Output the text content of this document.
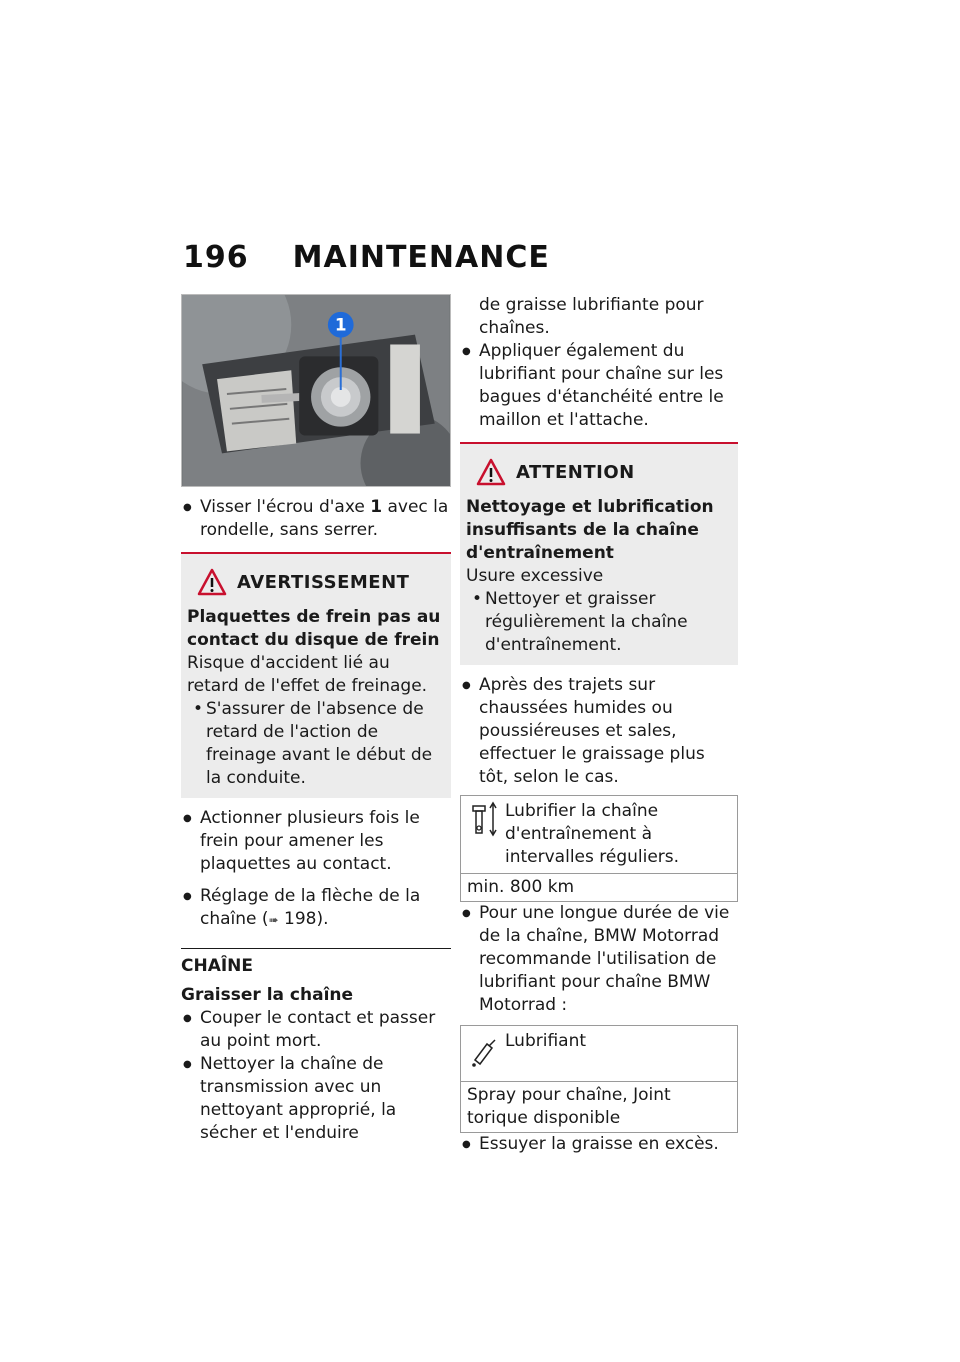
196 MAINTENANCE
1
● Visser l'écrou d'axe 1 avec la rondelle, sans serrer.
AVERTISSEMENT
Plaquettes de frein pas au contact du disque de frein
Risque d'accident lié au retard de l'effet de freinage.
• S'assurer de l'absence de retard de l'action de freinage avant le début de la conduite.
● Actionner plusieurs fois le frein pour amener les plaquettes au contact.
● Réglage de la flèche de la chaîne (➠ 198).
CHAÎNE
Graisser la chaîne
● Couper le contact et passer au point mort.
● Nettoyer la chaîne de transmission avec un nettoyant approprié, la sécher et l'enduire
de graisse lubrifiante pour chaînes.
● Appliquer également du lubrifiant pour chaîne sur les bagues d'étanchéité entre le maillon et l'attache.
ATTENTION
Nettoyage et lubrification insuffisants de la chaîne d'entraînement
Usure excessive
• Nettoyer et graisser régulièrement la chaîne d'entraînement.
● Après des trajets sur chaussées humides ou poussiéreuses et sales, effectuer le graissage plus tôt, selon le cas.
Lubrifier la chaîne d'entraînement à intervalles réguliers.
min. 800 km
● Pour une longue durée de vie de la chaîne, BMW Motorrad recommande l'utilisation de lubrifiant pour chaîne BMW Motorrad :
Lubrifiant
Spray pour chaîne, Joint torique disponible
● Essuyer la graisse en excès.
